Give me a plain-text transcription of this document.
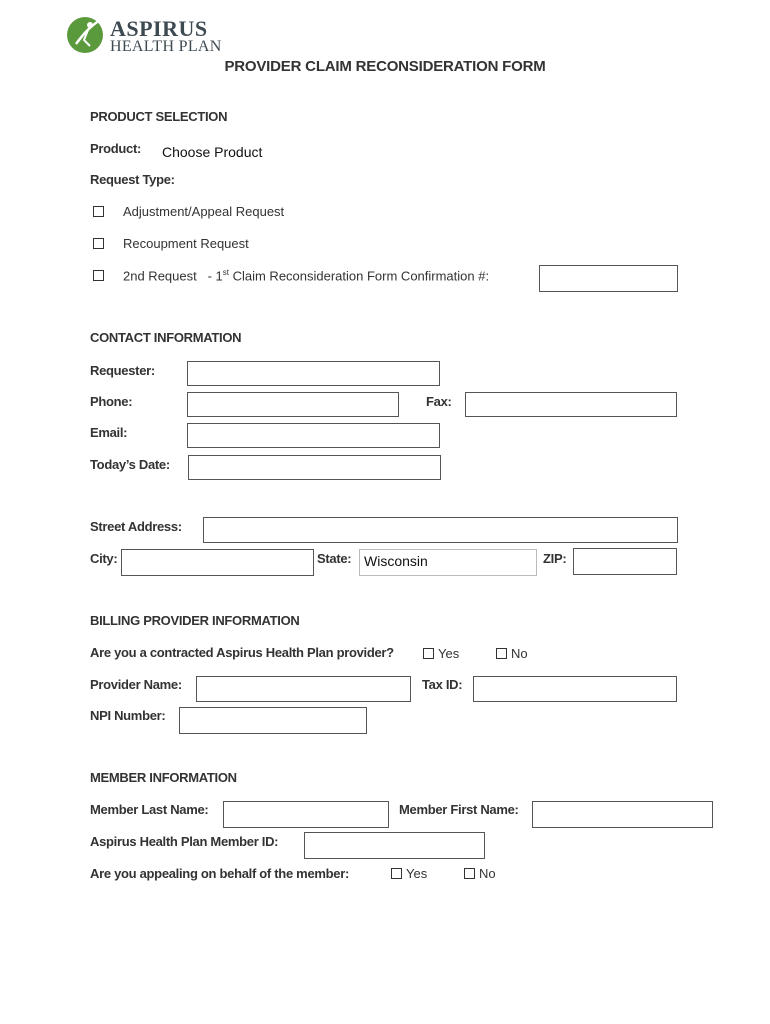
ASPIRUS
HEALTH PLAN
PROVIDER CLAIM RECONSIDERATION FORM
PRODUCT SELECTION
Product: Choose Product
Request Type:
Adjustment/Appeal Request
Recoupment Request
2nd Request - 1st Claim Reconsideration Form Confirmation #:
CONTACT INFORMATION
Requester:
Phone:	Fax:
Email:
Today’s Date:
Street Address:
City:	State: Wisconsin	ZIP:
BILLING PROVIDER INFORMATION
Are you a contracted Aspirus Health Plan provider?	Yes	No
Provider Name:	Tax ID:
NPI Number:
MEMBER INFORMATION
Member Last Name:	Member First Name:
Aspirus Health Plan Member ID:
Are you appealing on behalf of the member:	Yes	No
